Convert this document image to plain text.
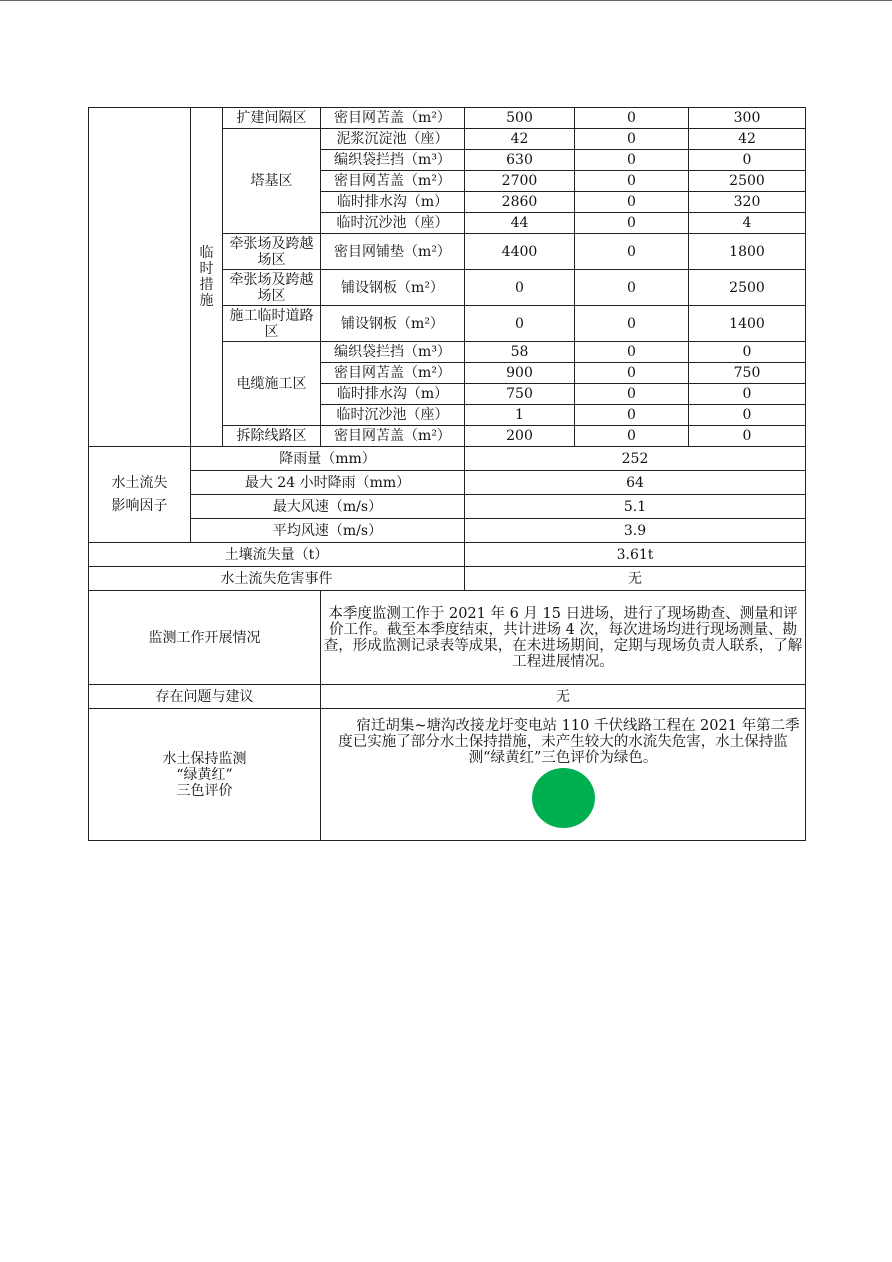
	临
时
措
施	扩建间隔区	密目网苫盖（m²）	500	0	300
		塔基区	泥浆沉淀池（座）	42	0	42
			编织袋拦挡（m³）	630	0	0
			密目网苫盖（m²）	2700	0	2500
			临时排水沟（m）	2860	0	320
			临时沉沙池（座）	44	0	4
		牵张场及跨越场区	密目网铺垫（m²）	4400	0	1800
		牵张场及跨越场区	铺设钢板（m²）	0	0	2500
		施工临时道路区	铺设钢板（m²）	0	0	1400
		电缆施工区	编织袋拦挡（m³）	58	0	0
			密目网苫盖（m²）	900	0	750
			临时排水沟（m）	750	0	0
			临时沉沙池（座）	1	0	0
		拆除线路区	密目网苫盖（m²）	200	0	0
水土流失
影响因子	降雨量（mm）			252		
	最大 24 小时降雨（mm）			64		
	最大风速（m/s）			5.1		
	平均风速（m/s）			3.9		
土壤流失量（t）				3.61t		
水土流失危害事件				无		
监测工作开展情况			本季度监测工作于 2021 年 6 月 15 日进场，进行了现场勘查、测量和评价工作。截至本季度结束，共计进场 4 次，每次进场均进行现场测量、勘查，形成监测记录表等成果，在未进场期间，定期与现场负责人联系，了解工程进展情况。			
存在问题与建议			无			
水土保持监测
“绿黄红”
三色评价			宿迁胡集~塘沟改接龙圩变电站 110 千伏线路工程在 2021 年第二季度已实施了部分水土保持措施，未产生较大的水流失危害，水土保持监测“绿黄红”三色评价为绿色。			
